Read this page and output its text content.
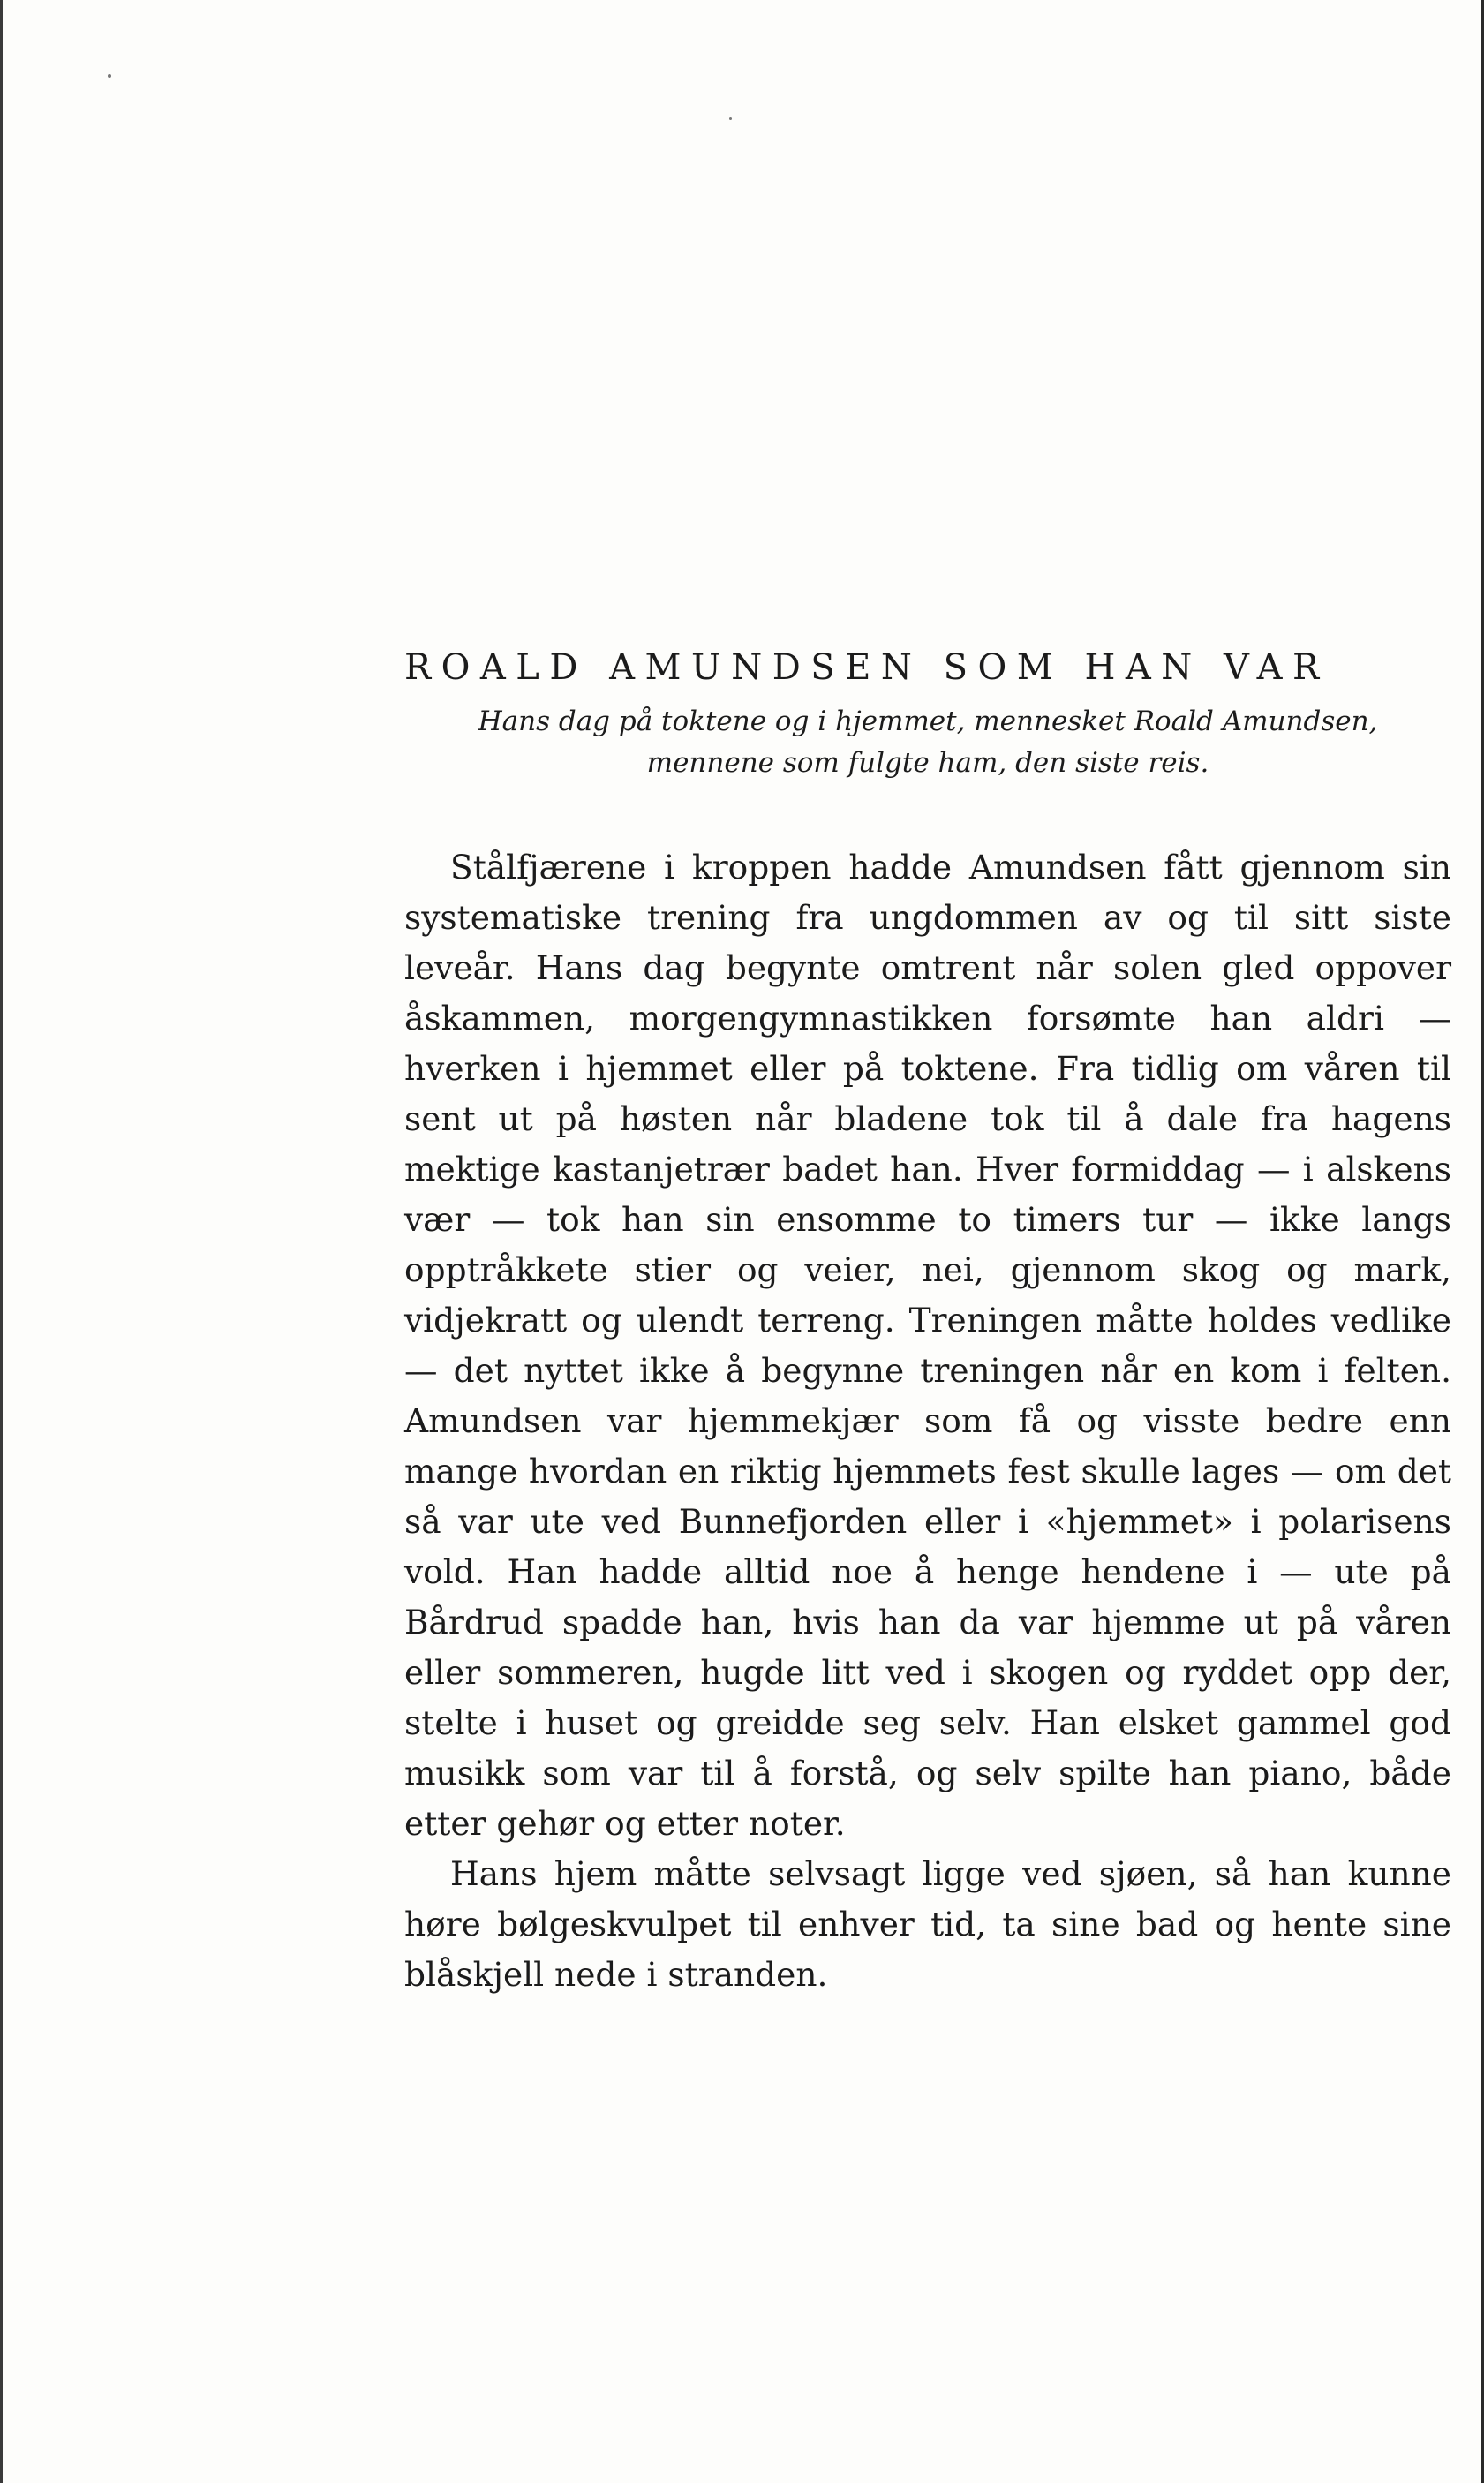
ROALD AMUNDSEN SOM HAN VAR
Hans dag på toktene og i hjemmet, mennesket Roald Amundsen, mennene som fulgte ham, den siste reis.

Stålfjærene i kroppen hadde Amundsen fått gjennom sin systematiske trening fra ungdommen av og til sitt siste leveår. Hans dag begynte omtrent når solen gled oppover åskammen, morgengymnastikken forsømte han aldri — hverken i hjemmet eller på toktene. Fra tidlig om våren til sent ut på høsten når bladene tok til å dale fra hagens mektige kastanjetrær badet han. Hver formiddag — i alskens vær — tok han sin ensomme to timers tur — ikke langs opptråkkete stier og veier, nei, gjennom skog og mark, vidjekratt og ulendt terreng. Treningen måtte holdes vedlike — det nyttet ikke å begynne treningen når en kom i felten. Amundsen var hjemmekjær som få og visste bedre enn mange hvordan en riktig hjemmets fest skulle lages — om det så var ute ved Bunnefjorden eller i «hjemmet» i polarisens vold. Han hadde alltid noe å henge hendene i — ute på Bårdrud spadde han, hvis han da var hjemme ut på våren eller sommeren, hugde litt ved i skogen og ryddet opp der, stelte i huset og greidde seg selv. Han elsket gammel god musikk som var til å forstå, og selv spilte han piano, både etter gehør og etter noter.

Hans hjem måtte selvsagt ligge ved sjøen, så han kunne høre bølgeskvulpet til enhver tid, ta sine bad og hente sine blåskjell nede i stranden.
